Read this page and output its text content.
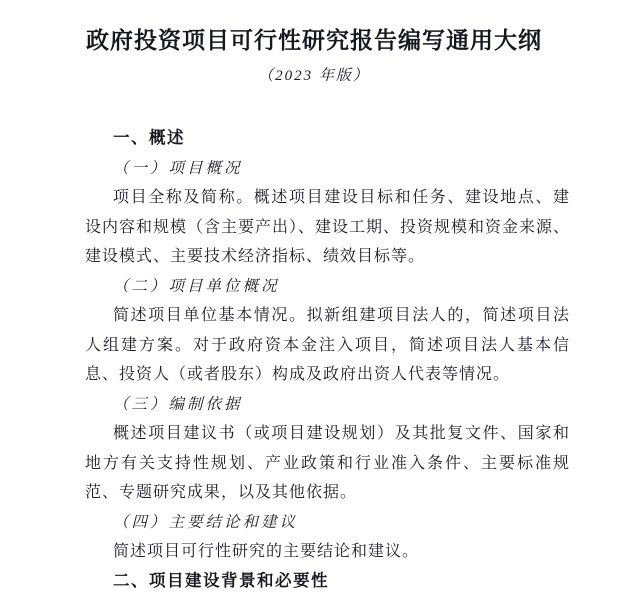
政府投资项目可行性研究报告编写通用大纲
（2023 年版）

一、概述

（一）项目概况

项目全称及简称。概述项目建设目标和任务、建设地点、建设内容和规模（含主要产出）、建设工期、投资规模和资金来源、建设模式、主要技术经济指标、绩效目标等。

（二）项目单位概况

简述项目单位基本情况。拟新组建项目法人的，简述项目法人组建方案。对于政府资本金注入项目，简述项目法人基本信息、投资人（或者股东）构成及政府出资人代表等情况。

（三）编制依据

概述项目建议书（或项目建设规划）及其批复文件、国家和地方有关支持性规划、产业政策和行业准入条件、主要标准规范、专题研究成果，以及其他依据。

（四）主要结论和建议

简述项目可行性研究的主要结论和建议。

二、项目建设背景和必要性
